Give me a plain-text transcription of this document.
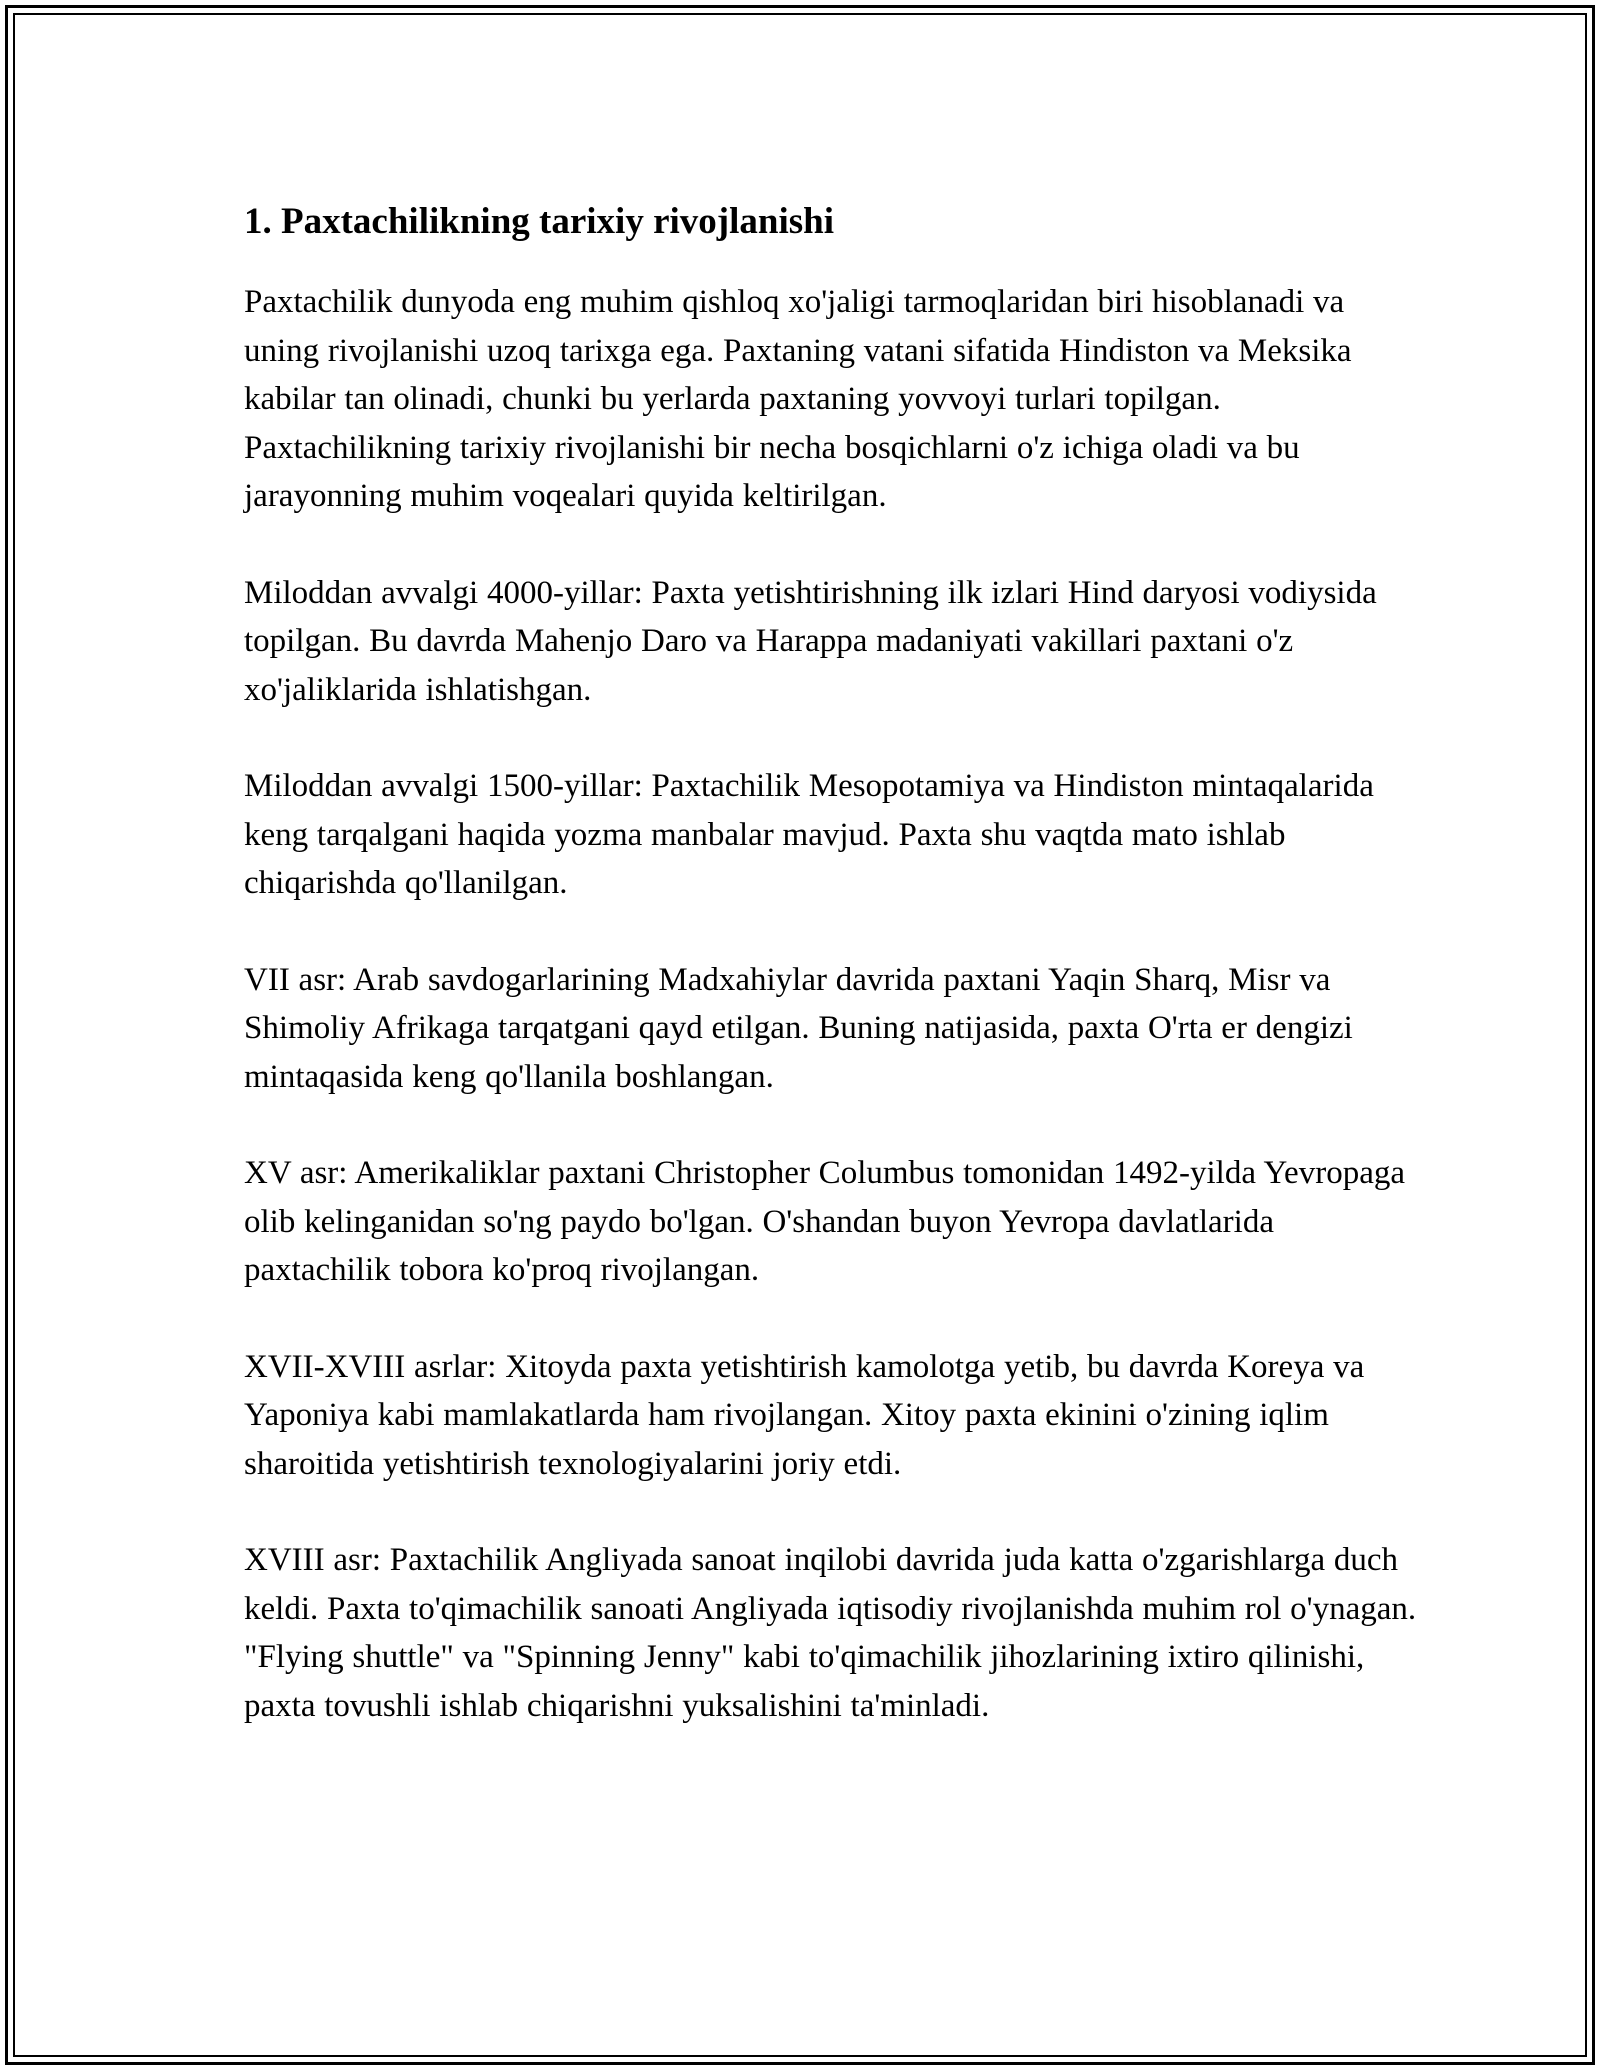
1. Paxtachilikning tarixiy rivojlanishi

Paxtachilik dunyoda eng muhim qishloq xo'jaligi tarmoqlaridan biri hisoblanadi va uning rivojlanishi uzoq tarixga ega. Paxtaning vatani sifatida Hindiston va Meksika kabilar tan olinadi, chunki bu yerlarda paxtaning yovvoyi turlari topilgan. Paxtachilikning tarixiy rivojlanishi bir necha bosqichlarni o'z ichiga oladi va bu jarayonning muhim voqealari quyida keltirilgan.

Miloddan avvalgi 4000-yillar: Paxta yetishtirishning ilk izlari Hind daryosi vodiysida topilgan. Bu davrda Mahenjo Daro va Harappa madaniyati vakillari paxtani o'z xo'jaliklarida ishlatishgan.

Miloddan avvalgi 1500-yillar: Paxtachilik Mesopotamiya va Hindiston mintaqalarida keng tarqalgani haqida yozma manbalar mavjud. Paxta shu vaqtda mato ishlab chiqarishda qo'llanilgan.

VII asr: Arab savdogarlarining Madxahiylar davrida paxtani Yaqin Sharq, Misr va Shimoliy Afrikaga tarqatgani qayd etilgan. Buning natijasida, paxta O'rta er dengizi mintaqasida keng qo'llanila boshlangan.

XV asr: Amerikaliklar paxtani Christopher Columbus tomonidan 1492-yilda Yevropaga olib kelinganidan so'ng paydo bo'lgan. O'shandan buyon Yevropa davlatlarida paxtachilik tobora ko'proq rivojlangan.

XVII-XVIII asrlar: Xitoyda paxta yetishtirish kamolotga yetib, bu davrda Koreya va Yaponiya kabi mamlakatlarda ham rivojlangan. Xitoy paxta ekinini o'zining iqlim sharoitida yetishtirish texnologiyalarini joriy etdi.

XVIII asr: Paxtachilik Angliyada sanoat inqilobi davrida juda katta o'zgarishlarga duch keldi. Paxta to'qimachilik sanoati Angliyada iqtisodiy rivojlanishda muhim rol o'ynagan. "Flying shuttle" va "Spinning Jenny" kabi to'qimachilik jihozlarining ixtiro qilinishi, paxta tovushli ishlab chiqarishni yuksalishini ta'minladi.
